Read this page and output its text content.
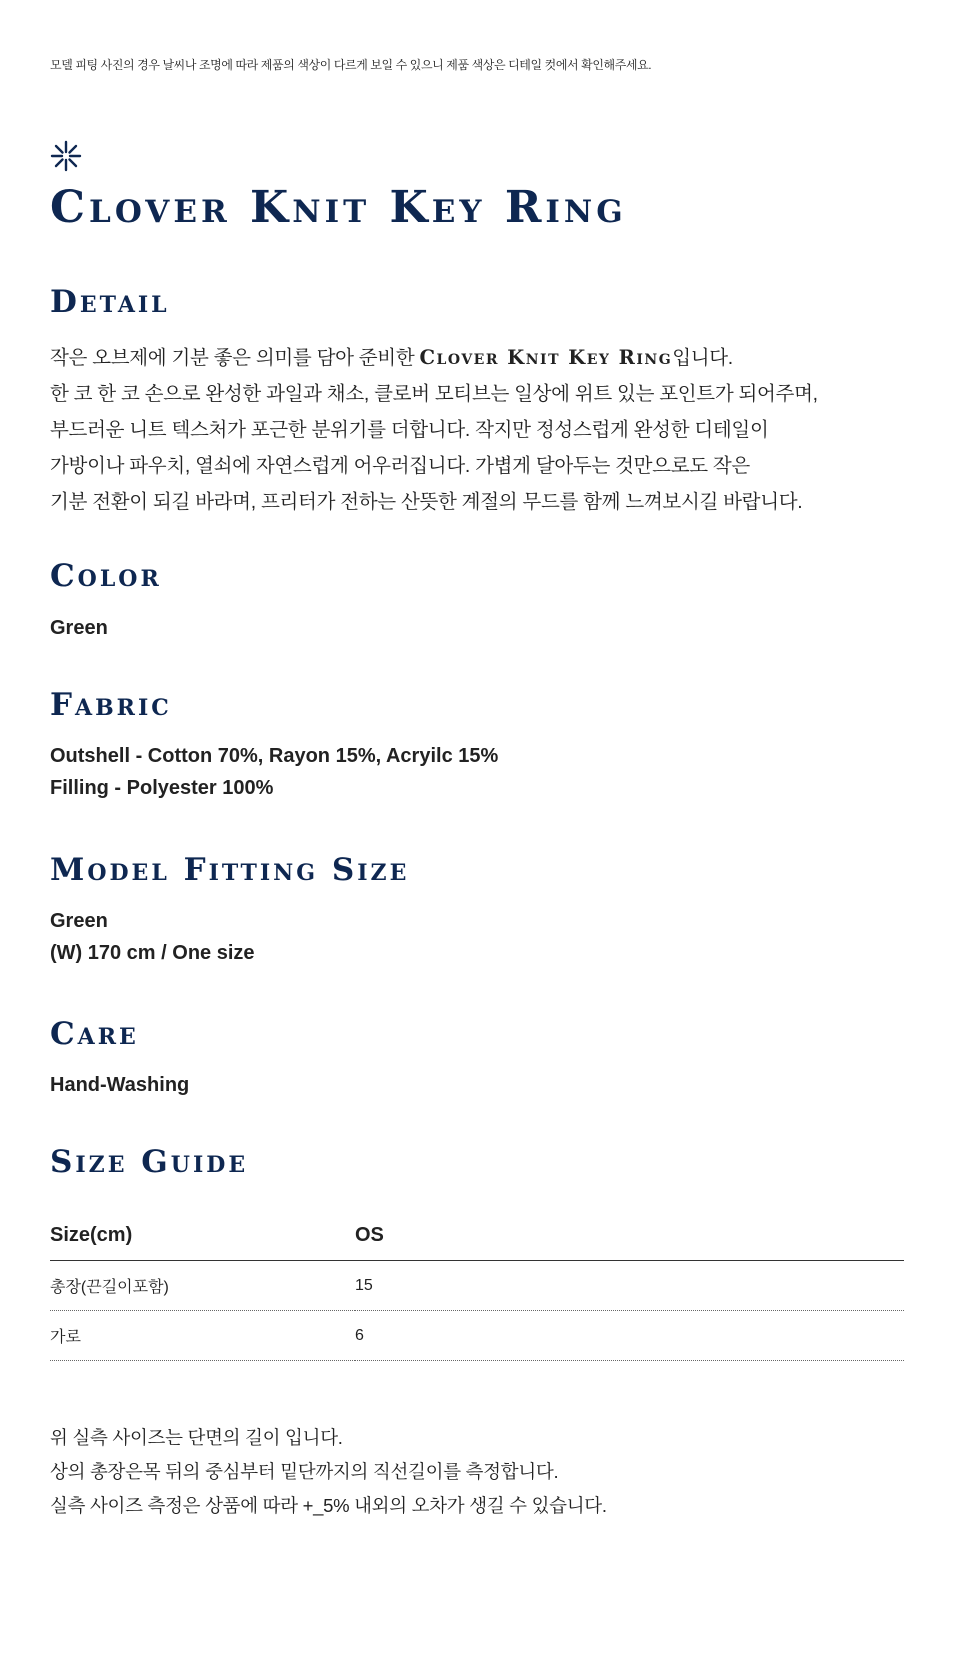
모델 피팅 사진의 경우 날씨나 조명에 따라 제품의 색상이 다르게 보일 수 있으니 제품 색상은 디테일 컷에서 확인해주세요.
Clover Knit Key Ring
Detail
작은 오브제에 기분 좋은 의미를 담아 준비한 Clover Knit Key Ring입니다.
한 코 한 코 손으로 완성한 과일과 채소, 클로버 모티브는 일상에 위트 있는 포인트가 되어주며,
부드러운 니트 텍스처가 포근한 분위기를 더합니다. 작지만 정성스럽게 완성한 디테일이
가방이나 파우치, 열쇠에 자연스럽게 어우러집니다. 가볍게 달아두는 것만으로도 작은
기분 전환이 되길 바라며, 프리터가 전하는 산뜻한 계절의 무드를 함께 느껴보시길 바랍니다.
Color
Green
Fabric
Outshell - Cotton 70%, Rayon 15%, Acryilc 15%
Filling - Polyester 100%
Model Fitting Size
Green
(W) 170 cm / One size
Care
Hand-Washing
Size Guide
Size(cm)	OS
총장(끈길이포함)	15
가로	6
위 실측 사이즈는 단면의 길이 입니다.
상의 총장은목 뒤의 중심부터 밑단까지의 직선길이를 측정합니다.
실측 사이즈 측정은 상품에 따라 +_5% 내외의 오차가 생길 수 있습니다.
